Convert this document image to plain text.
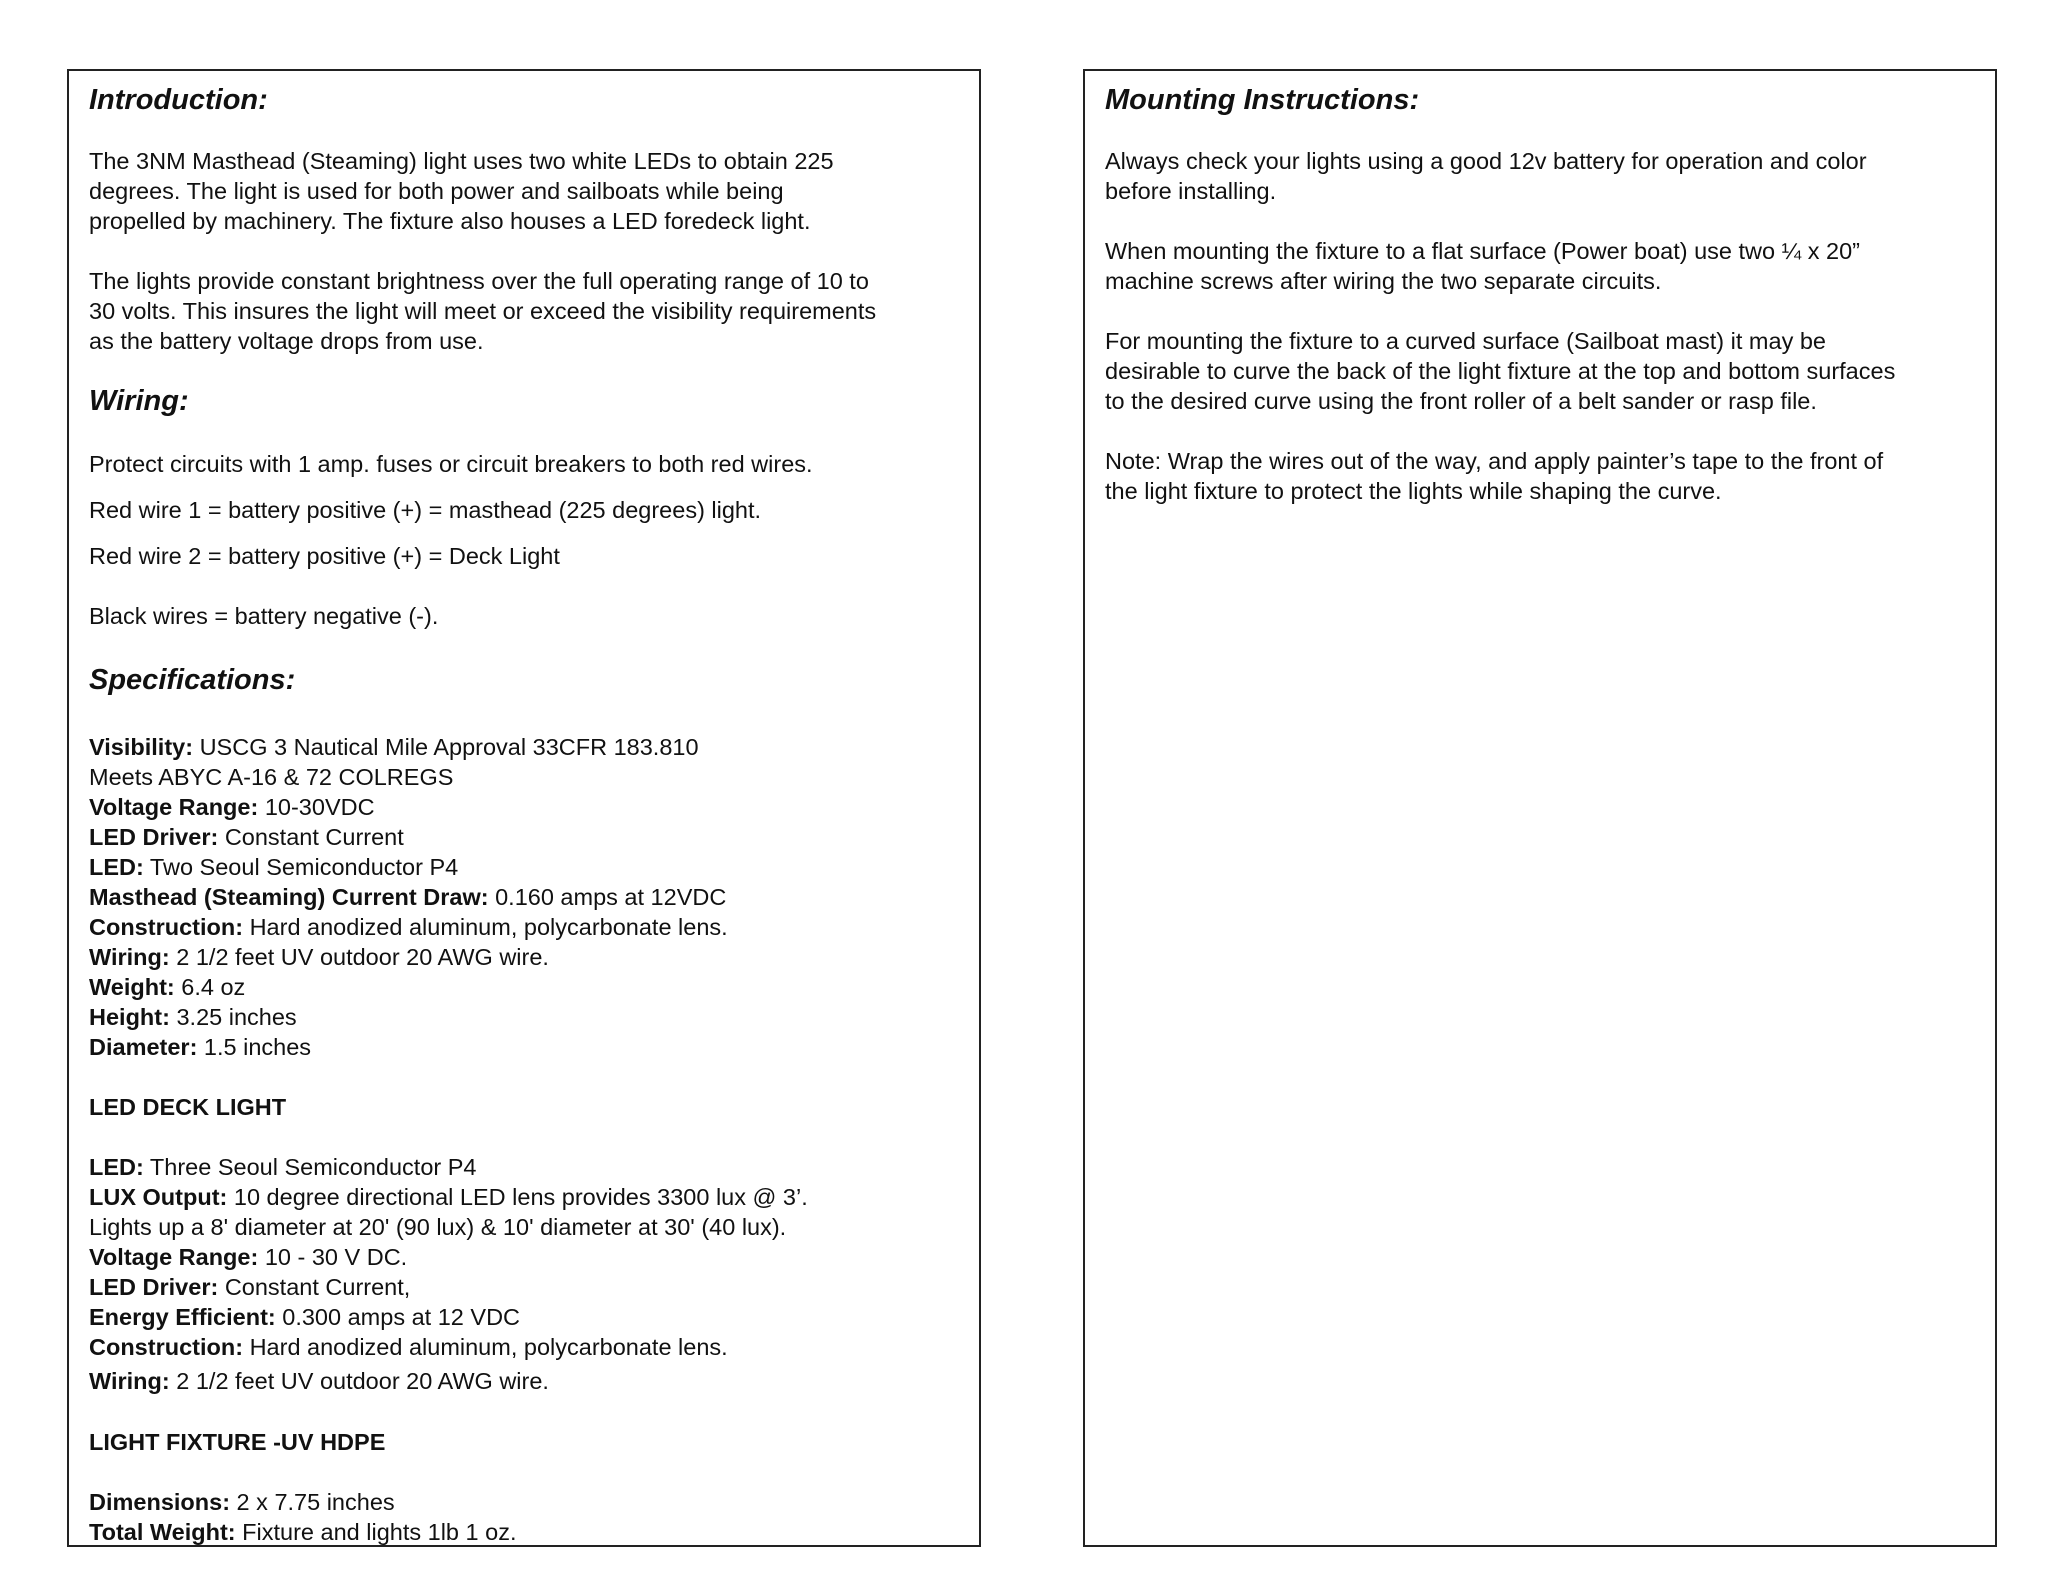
Introduction:
The 3NM Masthead (Steaming) light uses two white LEDs to obtain 225
degrees. The light is used for both power and sailboats while being
propelled by machinery. The fixture also houses a LED foredeck light.
The lights provide constant brightness over the full operating range of 10 to
30 volts. This insures the light will meet or exceed the visibility requirements
as the battery voltage drops from use.
Wiring:
Protect circuits with 1 amp. fuses or circuit breakers to both red wires.
Red wire 1 = battery positive (+) = masthead (225 degrees) light.
Red wire 2 = battery positive (+) = Deck Light
Black wires = battery negative (-).
Specifications:
Visibility: USCG 3 Nautical Mile Approval 33CFR 183.810
Meets ABYC A-16 & 72 COLREGS
Voltage Range: 10-30VDC
LED Driver: Constant Current
LED: Two Seoul Semiconductor P4
Masthead (Steaming) Current Draw: 0.160 amps at 12VDC
Construction: Hard anodized aluminum, polycarbonate lens.
Wiring: 2 1/2 feet UV outdoor 20 AWG wire.
Weight: 6.4 oz
Height: 3.25 inches
Diameter: 1.5 inches
LED DECK LIGHT
LED: Three Seoul Semiconductor P4
LUX Output: 10 degree directional LED lens provides 3300 lux @ 3’.
Lights up a 8' diameter at 20' (90 lux) & 10' diameter at 30' (40 lux).
Voltage Range: 10 - 30 V DC.
LED Driver: Constant Current,
Energy Efficient: 0.300 amps at 12 VDC
Construction: Hard anodized aluminum, polycarbonate lens.
Wiring: 2 1/2 feet UV outdoor 20 AWG wire.
LIGHT FIXTURE -UV HDPE
Dimensions: 2 x 7.75 inches
Total Weight: Fixture and lights 1lb 1 oz.
Mounting Instructions:
Always check your lights using a good 12v battery for operation and color
before installing.
When mounting the fixture to a flat surface (Power boat) use two ¼ x 20”
machine screws after wiring the two separate circuits.
For mounting the fixture to a curved surface (Sailboat mast) it may be
desirable to curve the back of the light fixture at the top and bottom surfaces
to the desired curve using the front roller of a belt sander or rasp file.
Note: Wrap the wires out of the way, and apply painter’s tape to the front of
the light fixture to protect the lights while shaping the curve.
